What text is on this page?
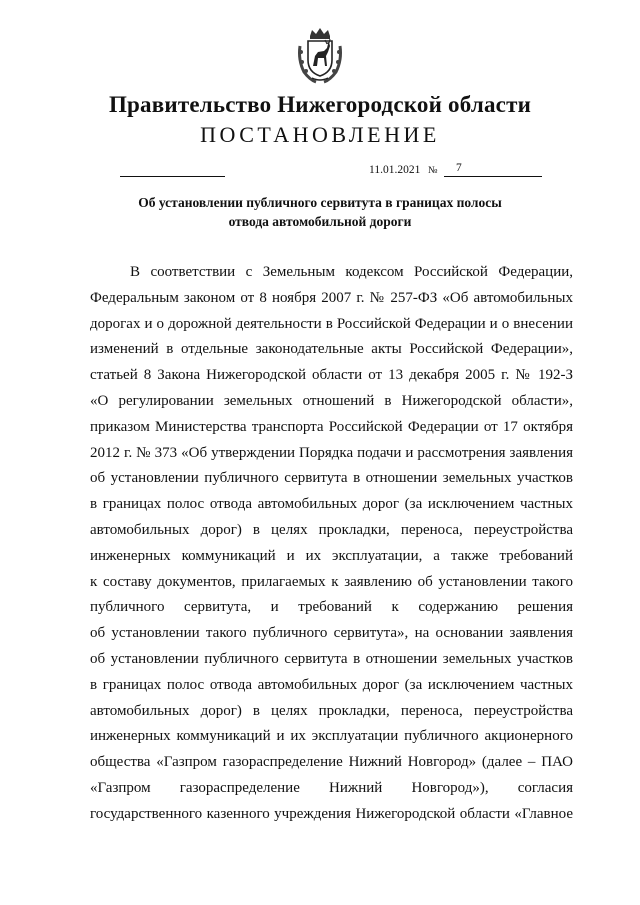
Правительство Нижегородской области
ПОСТАНОВЛЕНИЕ
11.01.2021 №	7
Об установлении публичного сервитута в границах полосы
отвода автомобильной дороги
В соответствии с Земельным кодексом Российской Федерации,
Федеральным законом от 8 ноября 2007 г. № 257-ФЗ «Об автомобильных
дорогах и о дорожной деятельности в Российской Федерации и о внесении
изменений в отдельные законодательные акты Российской Федерации»,
статьей 8 Закона Нижегородской области от 13 декабря 2005 г. № 192-З
«О регулировании земельных отношений в Нижегородской области»,
приказом Министерства транспорта Российской Федерации от 17 октября
2012 г. № 373 «Об утверждении Порядка подачи и рассмотрения заявления
об установлении публичного сервитута в отношении земельных участков
в границах полос отвода автомобильных дорог (за исключением частных
автомобильных дорог) в целях прокладки, переноса, переустройства
инженерных коммуникаций и их эксплуатации, а также требований
к составу документов, прилагаемых к заявлению об установлении такого
публичного сервитута, и требований к содержанию решения
об установлении такого публичного сервитута», на основании заявления
об установлении публичного сервитута в отношении земельных участков
в границах полос отвода автомобильных дорог (за исключением частных
автомобильных дорог) в целях прокладки, переноса, переустройства
инженерных коммуникаций и их эксплуатации публичного акционерного
общества «Газпром газораспределение Нижний Новгород» (далее – ПАО
«Газпром газораспределение Нижний Новгород»), согласия
государственного казенного учреждения Нижегородской области «Главное
